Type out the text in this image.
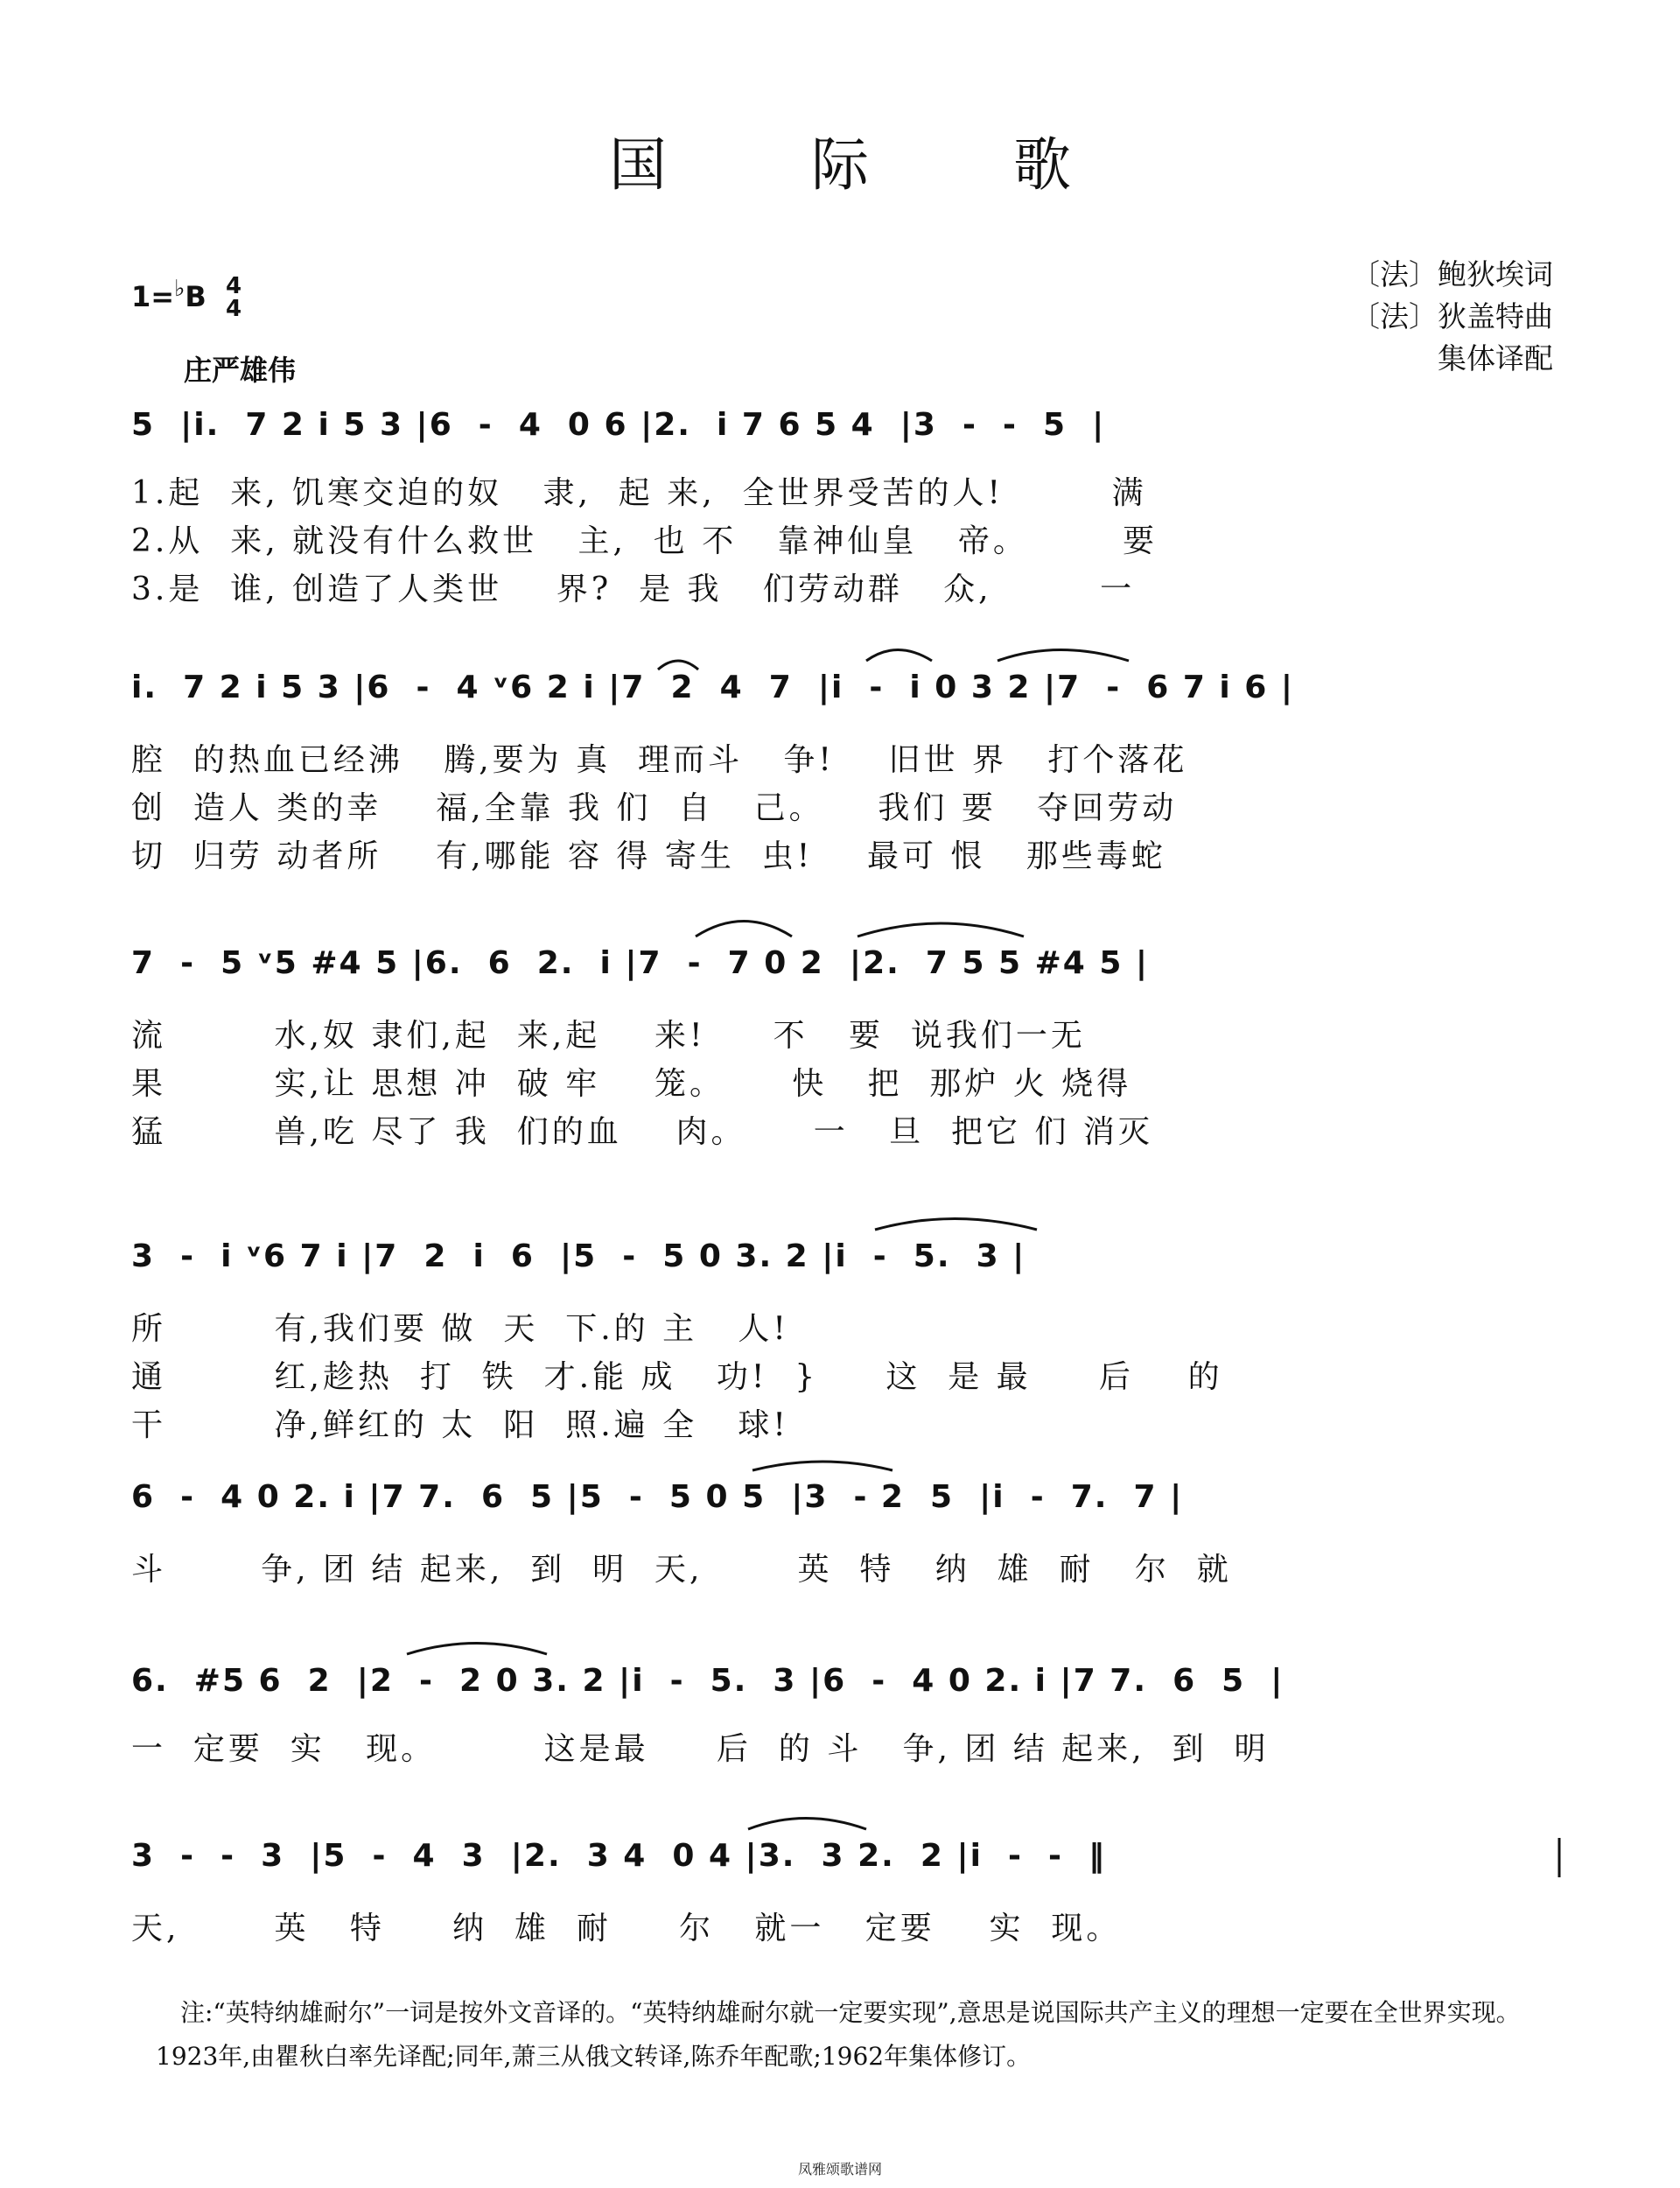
国 际 歌
1=♭B 4
4
〔法〕鲍狄埃词
〔法〕狄盖特曲
集体译配
庄严雄伟
5  |i.  7 2 i 5 3 |6  -  4  0 6 |2.  i 7 6 5 4  |3  -  -  5  |
1.起  来, 饥寒交迫的奴   隶,  起 来,  全世界受苦的人!        满
2.从  来, 就没有什么救世   主,  也 不   靠神仙皇   帝。       要
3.是  谁, 创造了人类世    界?  是 我   们劳动群   众,        一
i.  7 2 i 5 3 |6  -  4 ᵛ6 2 i |7  2  4  7  |i  -  i 0 3 2 |7  -  6 7 i 6 |
腔  的热血已经沸   腾,要为 真  理而斗   争!    旧世 界   打个落花
创  造人 类的幸    福,全靠 我 们  自   己。    我们 要   夺回劳动
切  归劳 动者所    有,哪能 容 得 寄生  虫!    最可 恨   那些毒蛇
7  -  5 ᵛ5 #4 5 |6.  6  2.  i |7  -  7 0 2  |2.  7 5 5 #4 5 |
流        水,奴 隶们,起  来,起    来!     不   要  说我们一无
果        实,让 思想 冲  破 牢    笼。     快   把  那炉 火 烧得
猛        兽,吃 尽了 我  们的血    肉。     一   旦  把它 们 消灭
3  -  i ᵛ6 7 i |7  2  i  6  |5  -  5 0 3. 2 |i  -  5.  3 |
所        有,我们要 做  天  下.的 主   人!
通        红,趁热  打  铁  才.能 成   功!  }     这  是 最     后    的
干        净,鲜红的 太  阳  照.遍 全   球!
6  -  4 0 2. i |7 7.  6  5 |5  -  5 0 5  |3  - 2  5  |i  -  7.  7 |
斗       争, 团 结 起来,  到  明  天,       英  特   纳  雄  耐   尔  就
6.  #5 6  2  |2  -  2 0 3. 2 |i  -  5.  3 |6  -  4 0 2. i |7 7.  6  5  |
一  定要  实   现。        这是最     后  的 斗   争, 团 结 起来,  到  明
3  -  -  3  |5  -  4  3  |2.  3 4  0 4 |3.  3 2.  2 |i  -  -  ‖
天,       英   特     纳  雄  耐     尔   就一   定要    实  现。

注:“英特纳雄耐尔”一词是按外文音译的。“英特纳雄耐尔就一定要实现”,意思是说国际共产主义的理想一定要在全世界实现。

1923年,由瞿秋白率先译配;同年,萧三从俄文转译,陈乔年配歌;1962年集体修订。

凤雅颂歌谱网
